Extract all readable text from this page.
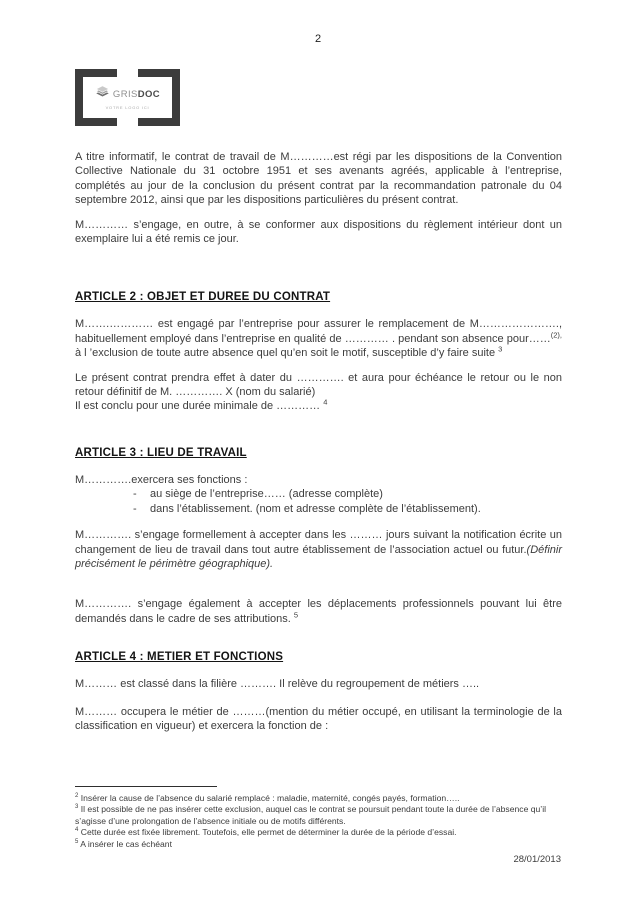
2
GRISDOC
VOTRE LOGO ICI

A titre informatif, le contrat de travail de M…………est régi par les dispositions de la Convention Collective Nationale du 31 octobre 1951 et ses avenants agréés, applicable à l’entreprise, complétés au jour de la conclusion du présent contrat par la recommandation patronale du 04 septembre 2012, ainsi que par les dispositions particulières du présent contrat.

M………… s’engage, en outre, à se conformer aux dispositions du règlement intérieur dont un exemplaire lui a été remis ce jour.

ARTICLE 2 : OBJET ET DUREE DU CONTRAT

M…….………… est engagé par l’entreprise pour assurer le remplacement de M…………………., habituellement employé dans l’entreprise en qualité de ………… . pendant son absence pour……$^{(2),}$ à l ’exclusion de toute autre absence quel qu’en soit le motif, susceptible d’y faire suite $^3$

Le présent contrat prendra effet à dater du …………. et aura pour échéance le retour ou le non retour définitif de M. …………. X (nom du salarié)
Il est conclu pour une durée minimale de ………… $^4$

ARTICLE 3 : LIEU DE TRAVAIL

M………….exercera ses fonctions :

-	au siège de l’entreprise…… (adresse complète)
-	dans l’établissement. (nom et adresse complète de l’établissement).

M…………. s’engage formellement à accepter dans les ……… jours suivant la notification écrite un changement de lieu de travail dans tout autre établissement de l’association actuel ou futur.(Définir précisément le périmètre géographique).

M…………. s’engage également à accepter les déplacements professionnels pouvant lui être demandés dans le cadre de ses attributions. $^5$

ARTICLE 4 : METIER ET FONCTIONS

M……… est classé dans la filière ………. Il relève du regroupement de métiers …..

M……… occupera le métier de ………(mention du métier occupé, en utilisant la terminologie de la classification en vigueur) et exercera la fonction de :

$^2$ Insérer la cause de l’absence du salarié remplacé : maladie, maternité, congés payés, formation…..
$^3$ Il est possible de ne pas insérer cette exclusion, auquel cas le contrat se poursuit pendant toute la durée de l’absence qu’il s’agisse d’une prolongation de l’absence initiale ou de motifs différents.
$^4$ Cette durée est fixée librement. Toutefois, elle permet de déterminer la durée de la période d’essai.
$^5$ A insérer le cas échéant
28/01/2013
